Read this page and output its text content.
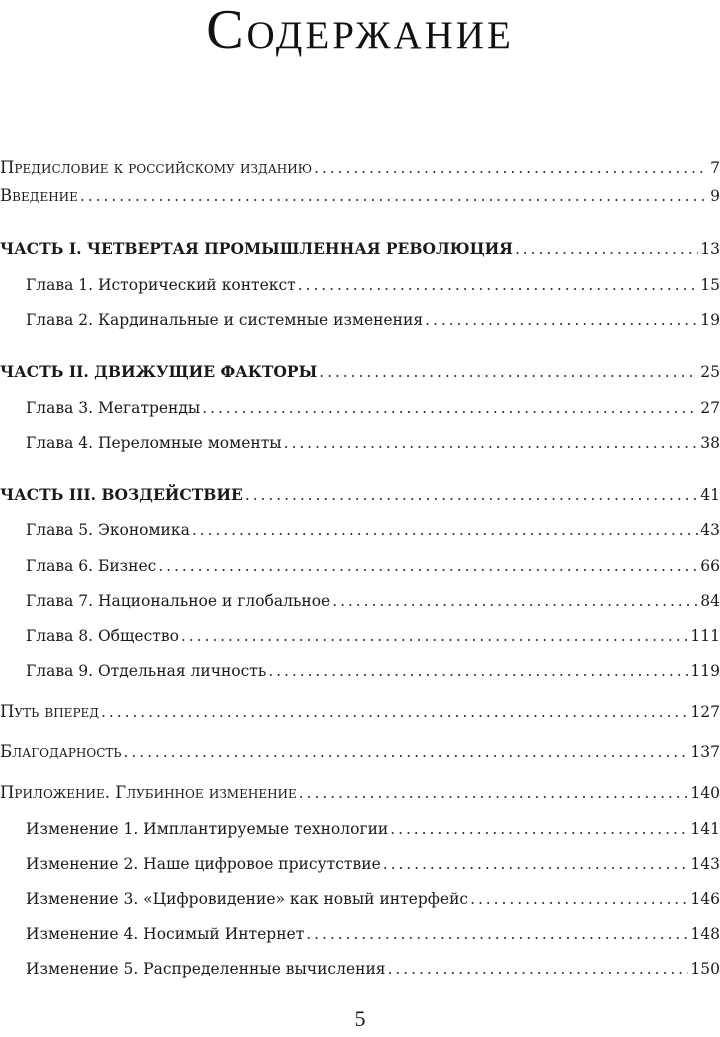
Содержание
Предисловие к российскому изданию . . .	7
Введение . . .	9
ЧАСТЬ I. ЧЕТВЕРТАЯ ПРОМЫШЛЕННАЯ РЕВОЛЮЦИЯ . . .	13
Глава 1. Исторический контекст . . .	15
Глава 2. Кардинальные и системные изменения . . .	19
ЧАСТЬ II. ДВИЖУЩИЕ ФАКТОРЫ . . .	25
Глава 3. Мегатренды . . .	27
Глава 4. Переломные моменты . . .	38
ЧАСТЬ III. ВОЗДЕЙСТВИЕ . . .	41
Глава 5. Экономика . . .	43
Глава 6. Бизнес . . .	66
Глава 7. Национальное и глобальное . . .	84
Глава 8. Общество . . .	111
Глава 9. Отдельная личность . . .	119
Путь вперед . . .	127
Благодарность . . .	137
Приложение. Глубинное изменение . . .	140
Изменение 1. Имплантируемые технологии . . .	141
Изменение 2. Наше цифровое присутствие . . .	143
Изменение 3. «Цифровидение» как новый интерфейс . . .	146
Изменение 4. Носимый Интернет . . .	148
Изменение 5. Распределенные вычисления . . .	150
5
